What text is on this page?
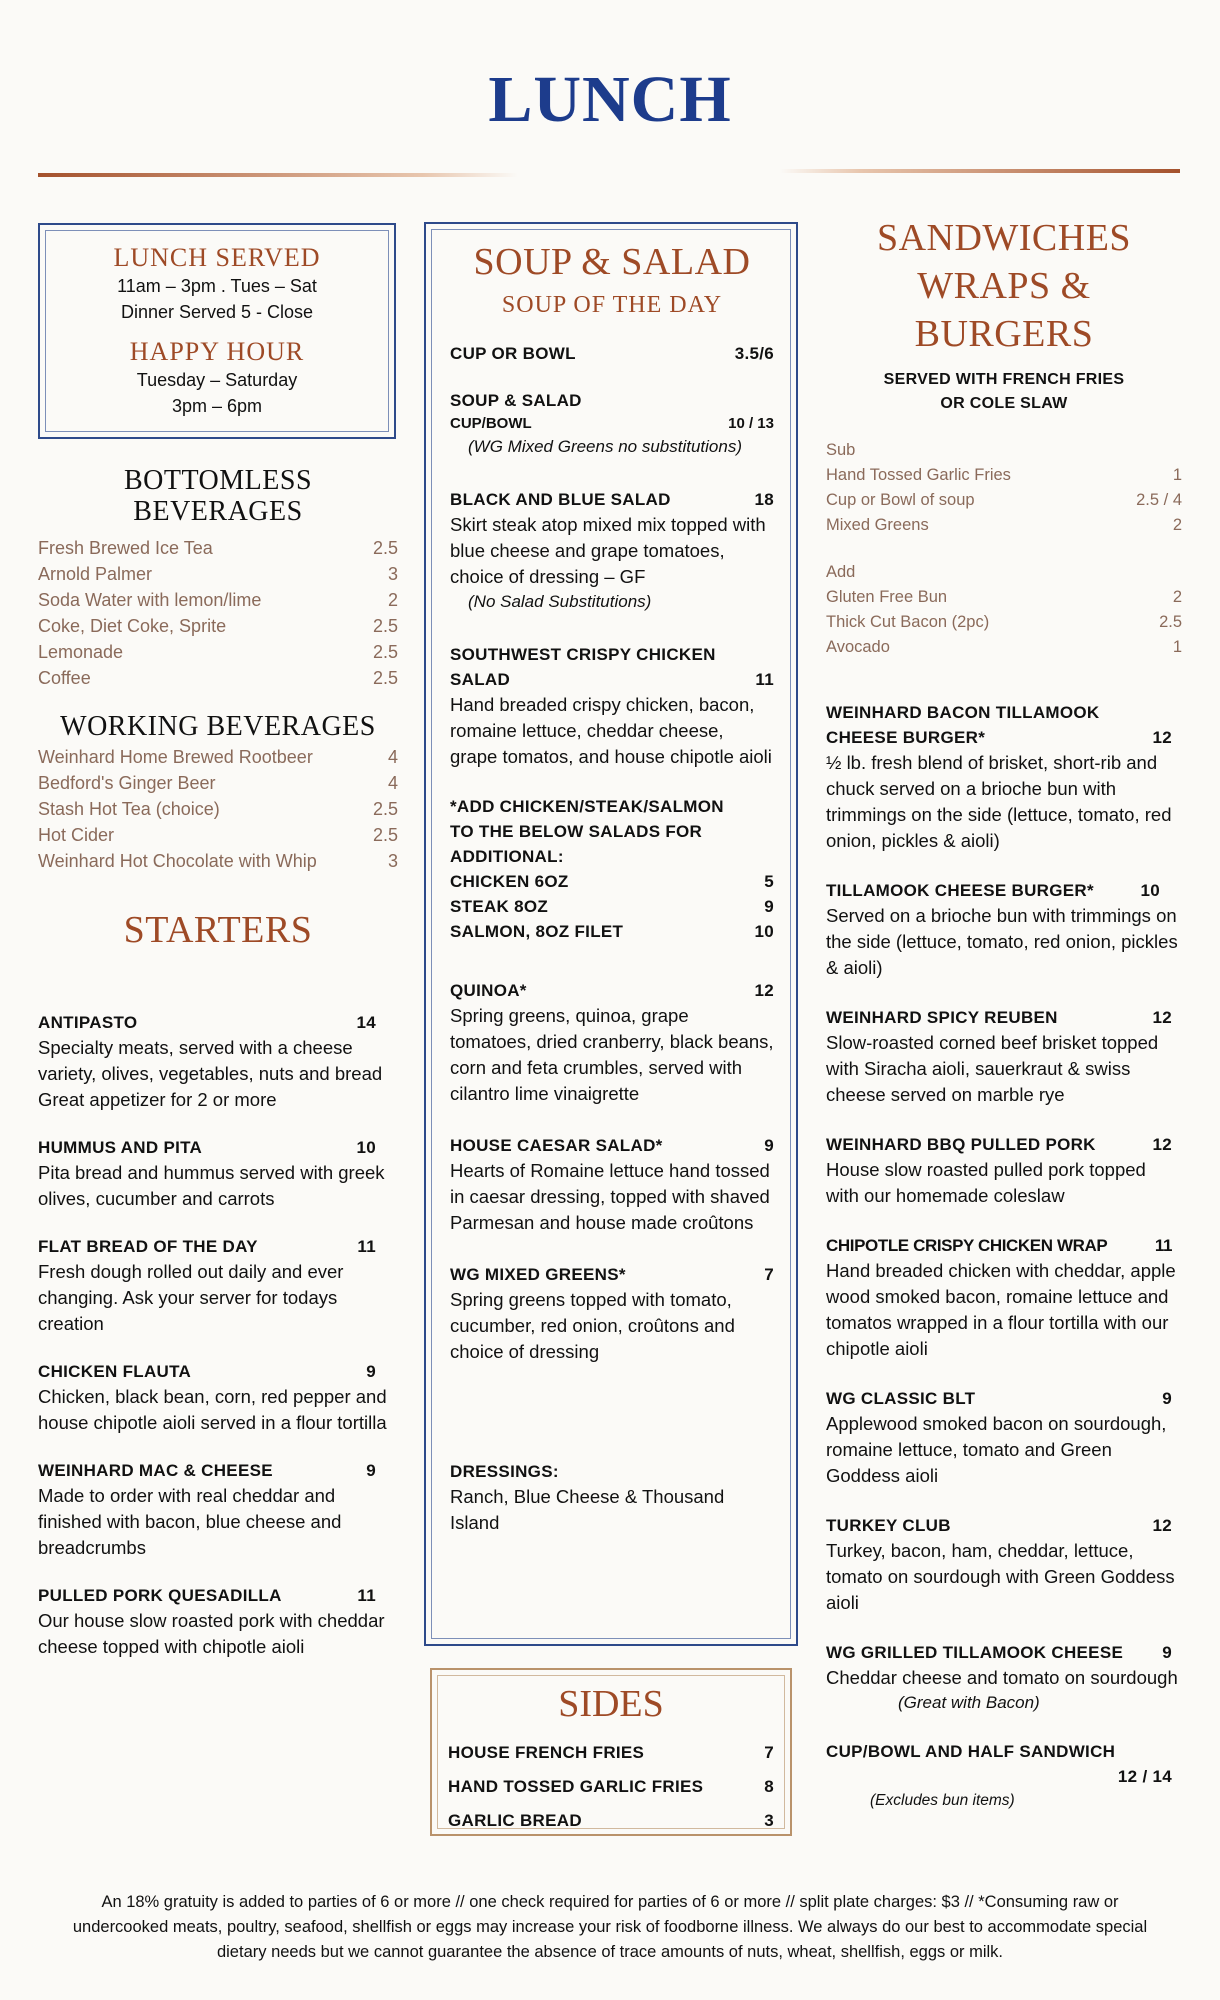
LUNCH
LUNCH SERVED
11am – 3pm . Tues – Sat
Dinner Served 5 - Close
HAPPY HOUR
Tuesday – Saturday
3pm – 6pm
BOTTOMLESS
BEVERAGES
Fresh Brewed Ice Tea	2.5
Arnold Palmer	3
Soda Water with lemon/lime	2
Coke, Diet Coke, Sprite	2.5
Lemonade	2.5
Coffee	2.5
WORKING BEVERAGES
Weinhard Home Brewed Rootbeer	4
Bedford's Ginger Beer	4
Stash Hot Tea (choice)	2.5
Hot Cider	2.5
Weinhard Hot Chocolate with Whip	3
STARTERS
ANTIPASTO	14
Specialty meats, served with a cheese variety, olives, vegetables, nuts and bread
Great appetizer for 2 or more
HUMMUS AND PITA	10
Pita bread and hummus served with greek olives, cucumber and carrots
FLAT BREAD OF THE DAY	11
Fresh dough rolled out daily and ever changing. Ask your server for todays creation
CHICKEN FLAUTA	9
Chicken, black bean, corn, red pepper and house chipotle aioli served in a flour tortilla
WEINHARD MAC & CHEESE	9
Made to order with real cheddar and finished with bacon, blue cheese and breadcrumbs
PULLED PORK QUESADILLA	11
Our house slow roasted pork with cheddar cheese topped with chipotle aioli
SOUP & SALAD
SOUP OF THE DAY
CUP OR BOWL	3.5/6
SOUP & SALAD
CUP/BOWL	10 / 13
(WG Mixed Greens no substitutions)
BLACK AND BLUE SALAD	18
Skirt steak atop mixed mix topped with blue cheese and grape tomatoes, choice of dressing – GF
(No Salad Substitutions)
SOUTHWEST CRISPY CHICKEN
SALAD	11
Hand breaded crispy chicken, bacon, romaine lettuce, cheddar cheese, grape tomatos, and house chipotle aioli
*ADD CHICKEN/STEAK/SALMON
TO THE BELOW SALADS FOR
ADDITIONAL:
CHICKEN 6OZ	5
STEAK 8OZ	9
SALMON, 8OZ FILET	10
QUINOA*	12
Spring greens, quinoa, grape tomatoes, dried cranberry, black beans, corn and feta crumbles, served with cilantro lime vinaigrette
HOUSE CAESAR SALAD*	9
Hearts of Romaine lettuce hand tossed in caesar dressing, topped with shaved Parmesan and house made croûtons
WG MIXED GREENS*	7
Spring greens topped with tomato, cucumber, red onion, croûtons and choice of dressing
DRESSINGS:
Ranch, Blue Cheese & Thousand Island
SIDES
HOUSE FRENCH FRIES	7
HAND TOSSED GARLIC FRIES	8
GARLIC BREAD	3
SANDWICHES
WRAPS & BURGERS
SERVED WITH FRENCH FRIES
OR COLE SLAW
Sub
Hand Tossed Garlic Fries	1
Cup or Bowl of soup	2.5 / 4
Mixed Greens	2
Add
Gluten Free Bun	2
Thick Cut Bacon (2pc)	2.5
Avocado	1
WEINHARD BACON TILLAMOOK
CHEESE BURGER*	12
½ lb. fresh blend of brisket, short-rib and chuck served on a brioche bun with trimmings on the side (lettuce, tomato, red onion, pickles & aioli)
TILLAMOOK CHEESE BURGER*	10
Served on a brioche bun with trimmings on the side (lettuce, tomato, red onion, pickles & aioli)
WEINHARD SPICY REUBEN	12
Slow-roasted corned beef brisket topped with Siracha aioli, sauerkraut & swiss cheese served on marble rye
WEINHARD BBQ PULLED PORK	12
House slow roasted pulled pork topped with our homemade coleslaw
CHIPOTLE CRISPY CHICKEN WRAP	11
Hand breaded chicken with cheddar, apple wood smoked bacon, romaine lettuce and tomatos wrapped in a flour tortilla with our chipotle aioli
WG CLASSIC BLT	9
Applewood smoked bacon on sourdough, romaine lettuce, tomato and Green Goddess aioli
TURKEY CLUB	12
Turkey, bacon, ham, cheddar, lettuce, tomato on sourdough with Green Goddess aioli
WG GRILLED TILLAMOOK CHEESE 9
Cheddar cheese and tomato on sourdough
(Great with Bacon)
CUP/BOWL AND HALF SANDWICH
12 / 14
(Excludes bun items)
An 18% gratuity is added to parties of 6 or more // one check required for parties of 6 or more // split plate charges: $3 // *Consuming raw or
undercooked meats, poultry, seafood, shellfish or eggs may increase your risk of foodborne illness. We always do our best to accommodate special
dietary needs but we cannot guarantee the absence of trace amounts of nuts, wheat, shellfish, eggs or milk.
